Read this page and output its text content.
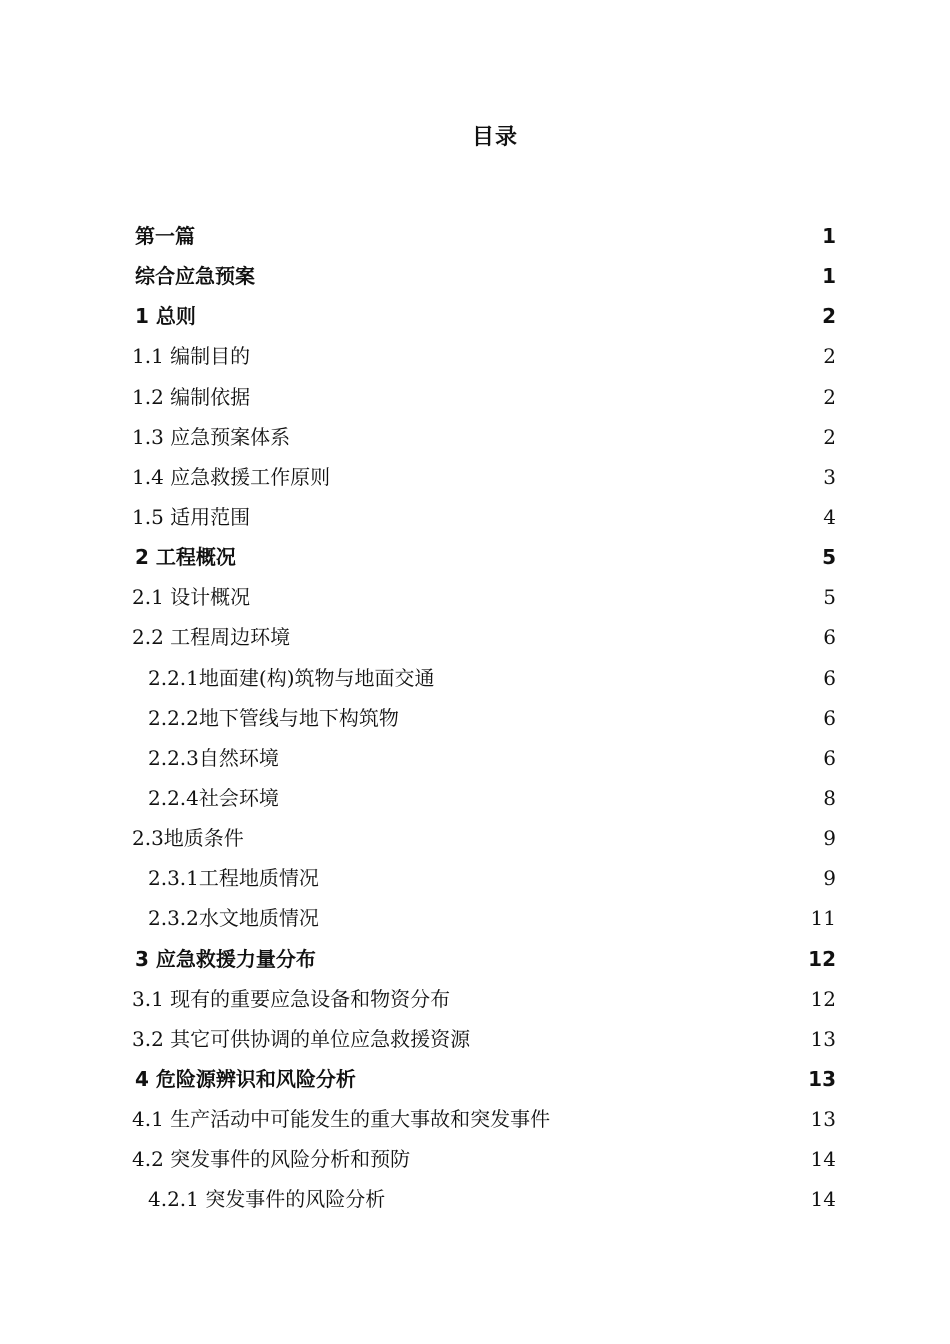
目录
第一篇	1
综合应急预案	1
1 总则	2
1.1 编制目的	2
1.2 编制依据	2
1.3 应急预案体系	2
1.4 应急救援工作原则	3
1.5 适用范围	4
2 工程概况	5
2.1 设计概况	5
2.2 工程周边环境	6
2.2.1地面建(构)筑物与地面交通	6
2.2.2地下管线与地下构筑物	6
2.2.3自然环境	6
2.2.4社会环境	8
2.3地质条件	9
2.3.1工程地质情况	9
2.3.2水文地质情况	11
3 应急救援力量分布	12
3.1 现有的重要应急设备和物资分布	12
3.2 其它可供协调的单位应急救援资源	13
4 危险源辨识和风险分析	13
4.1 生产活动中可能发生的重大事故和突发事件	13
4.2 突发事件的风险分析和预防	14
4.2.1 突发事件的风险分析	14
